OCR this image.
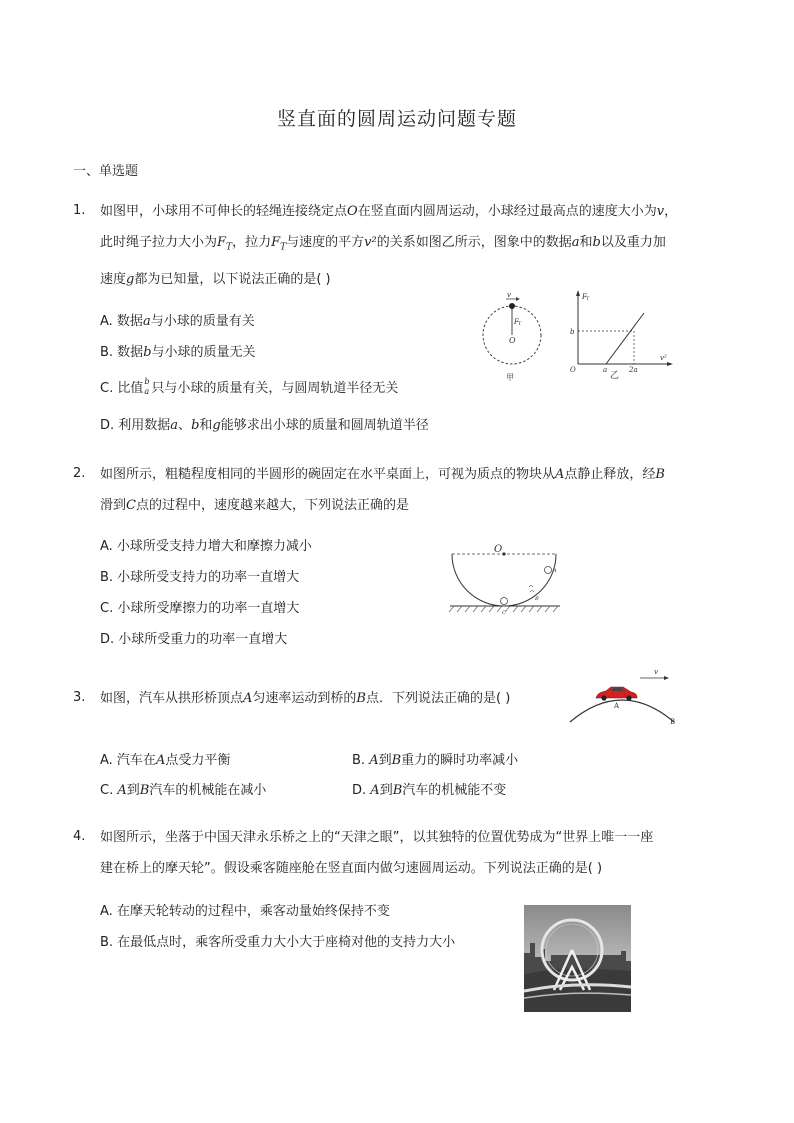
竖直面的圆周运动问题专题
一、单选题
1. 如图甲，小球用不可伸长的轻绳连接绕定点O在竖直面内圆周运动，小球经过最高点的速度大小为v，
此时绳子拉力大小为$F_T$，拉力$F_T$与速度的平方v²的关系如图乙所示，图象中的数据a和b以及重力加
速度g都为已知量，以下说法正确的是( )
A. 数据a与小球的质量有关
B. 数据b与小球的质量无关
C. 比值 b
a 只与小球的质量有关，与圆周轨道半径无关
D. 利用数据a、b和g能够求出小球的质量和圆周轨道半径
v
F T
O
甲
F T
b
O	a	2a
v²
乙
2. 如图所示，粗糙程度相同的半圆形的碗固定在水平桌面上，可视为质点的物块从A点静止释放，经B
滑到C点的过程中，速度越来越大，下列说法正确的是
A. 小球所受支持力增大和摩擦力减小
B. 小球所受支持力的功率一直增大
C. 小球所受摩擦力的功率一直增大
D. 小球所受重力的功率一直增大
O
A
B
C
3. 如图，汽车从拱形桥顶点A匀速率运动到桥的B点．下列说法正确的是( )
A. 汽车在A点受力平衡	B. A到B重力的瞬时功率减小
C. A到B汽车的机械能在减小	D. A到B汽车的机械能不变
v
A
B
4. 如图所示，坐落于中国天津永乐桥之上的“天津之眼”，以其独特的位置优势成为“世界上唯一一座
建在桥上的摩天轮”。假设乘客随座舱在竖直面内做匀速圆周运动。下列说法正确的是( )
A. 在摩天轮转动的过程中，乘客动量始终保持不变
B. 在最低点时，乘客所受重力大小大于座椅对他的支持力大小
